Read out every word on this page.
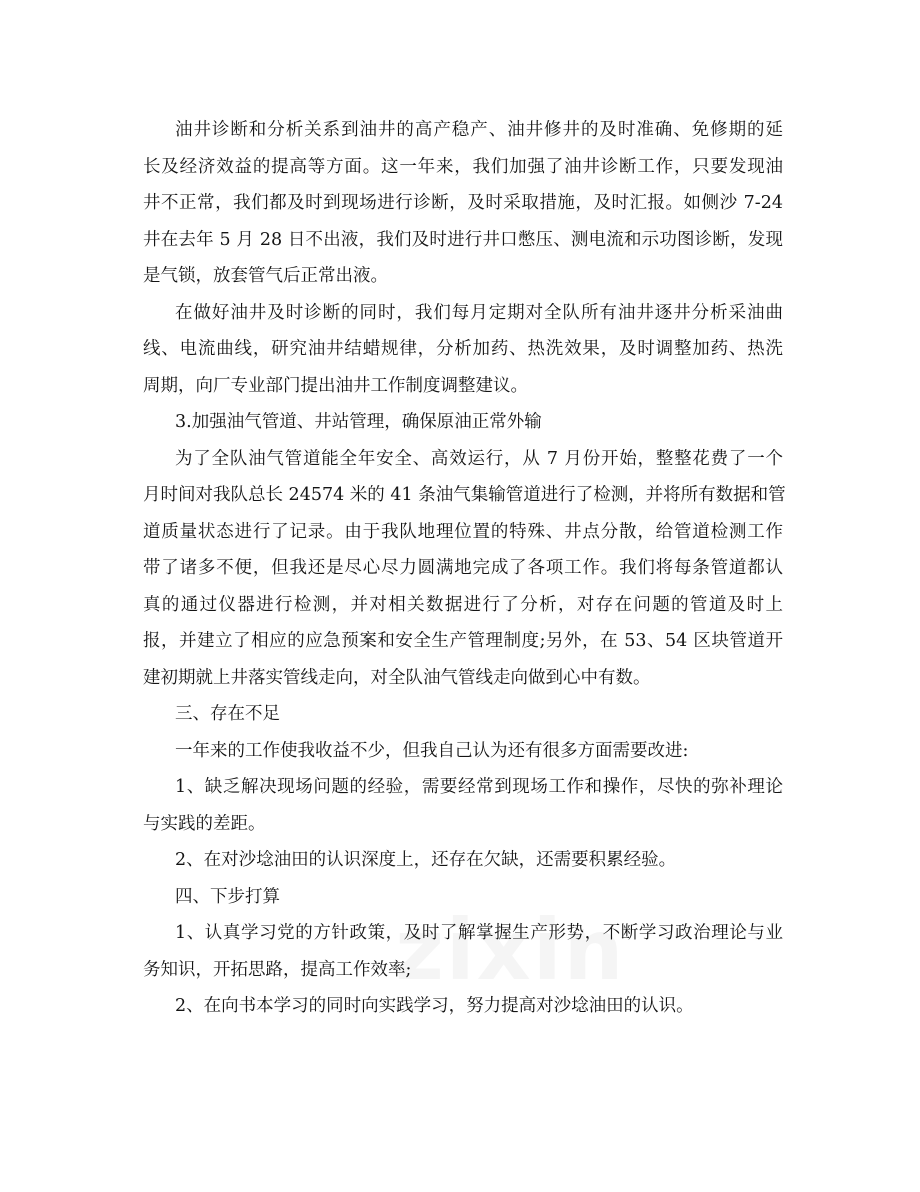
油井诊断和分析关系到油井的高产稳产、油井修井的及时准确、免修期的延
长及经济效益的提高等方面。这一年来，我们加强了油井诊断工作，只要发现油
井不正常，我们都及时到现场进行诊断，及时采取措施，及时汇报。如侧沙 7-24
井在去年 5 月 28 日不出液，我们及时进行井口憋压、测电流和示功图诊断，发现
是气锁，放套管气后正常出液。

在做好油井及时诊断的同时，我们每月定期对全队所有油井逐井分析采油曲
线、电流曲线，研究油井结蜡规律，分析加药、热洗效果，及时调整加药、热洗
周期，向厂专业部门提出油井工作制度调整建议。

3.加强油气管道、井站管理，确保原油正常外输

为了全队油气管道能全年安全、高效运行，从 7 月份开始，整整花费了一个
月时间对我队总长 24574 米的 41 条油气集输管道进行了检测，并将所有数据和管
道质量状态进行了记录。由于我队地理位置的特殊、井点分散，给管道检测工作
带了诸多不便，但我还是尽心尽力圆满地完成了各项工作。我们将每条管道都认
真的通过仪器进行检测，并对相关数据进行了分析，对存在问题的管道及时上
报，并建立了相应的应急预案和安全生产管理制度;另外，在 53、54 区块管道开
建初期就上井落实管线走向，对全队油气管线走向做到心中有数。

三、存在不足

一年来的工作使我收益不少，但我自己认为还有很多方面需要改进:

1、缺乏解决现场问题的经验，需要经常到现场工作和操作，尽快的弥补理论
与实践的差距。

2、在对沙埝油田的认识深度上，还存在欠缺，还需要积累经验。

四、下步打算

1、认真学习党的方针政策，及时了解掌握生产形势，不断学习政治理论与业
务知识，开拓思路，提高工作效率;

2、在向书本学习的同时向实践学习，努力提高对沙埝油田的认识。
